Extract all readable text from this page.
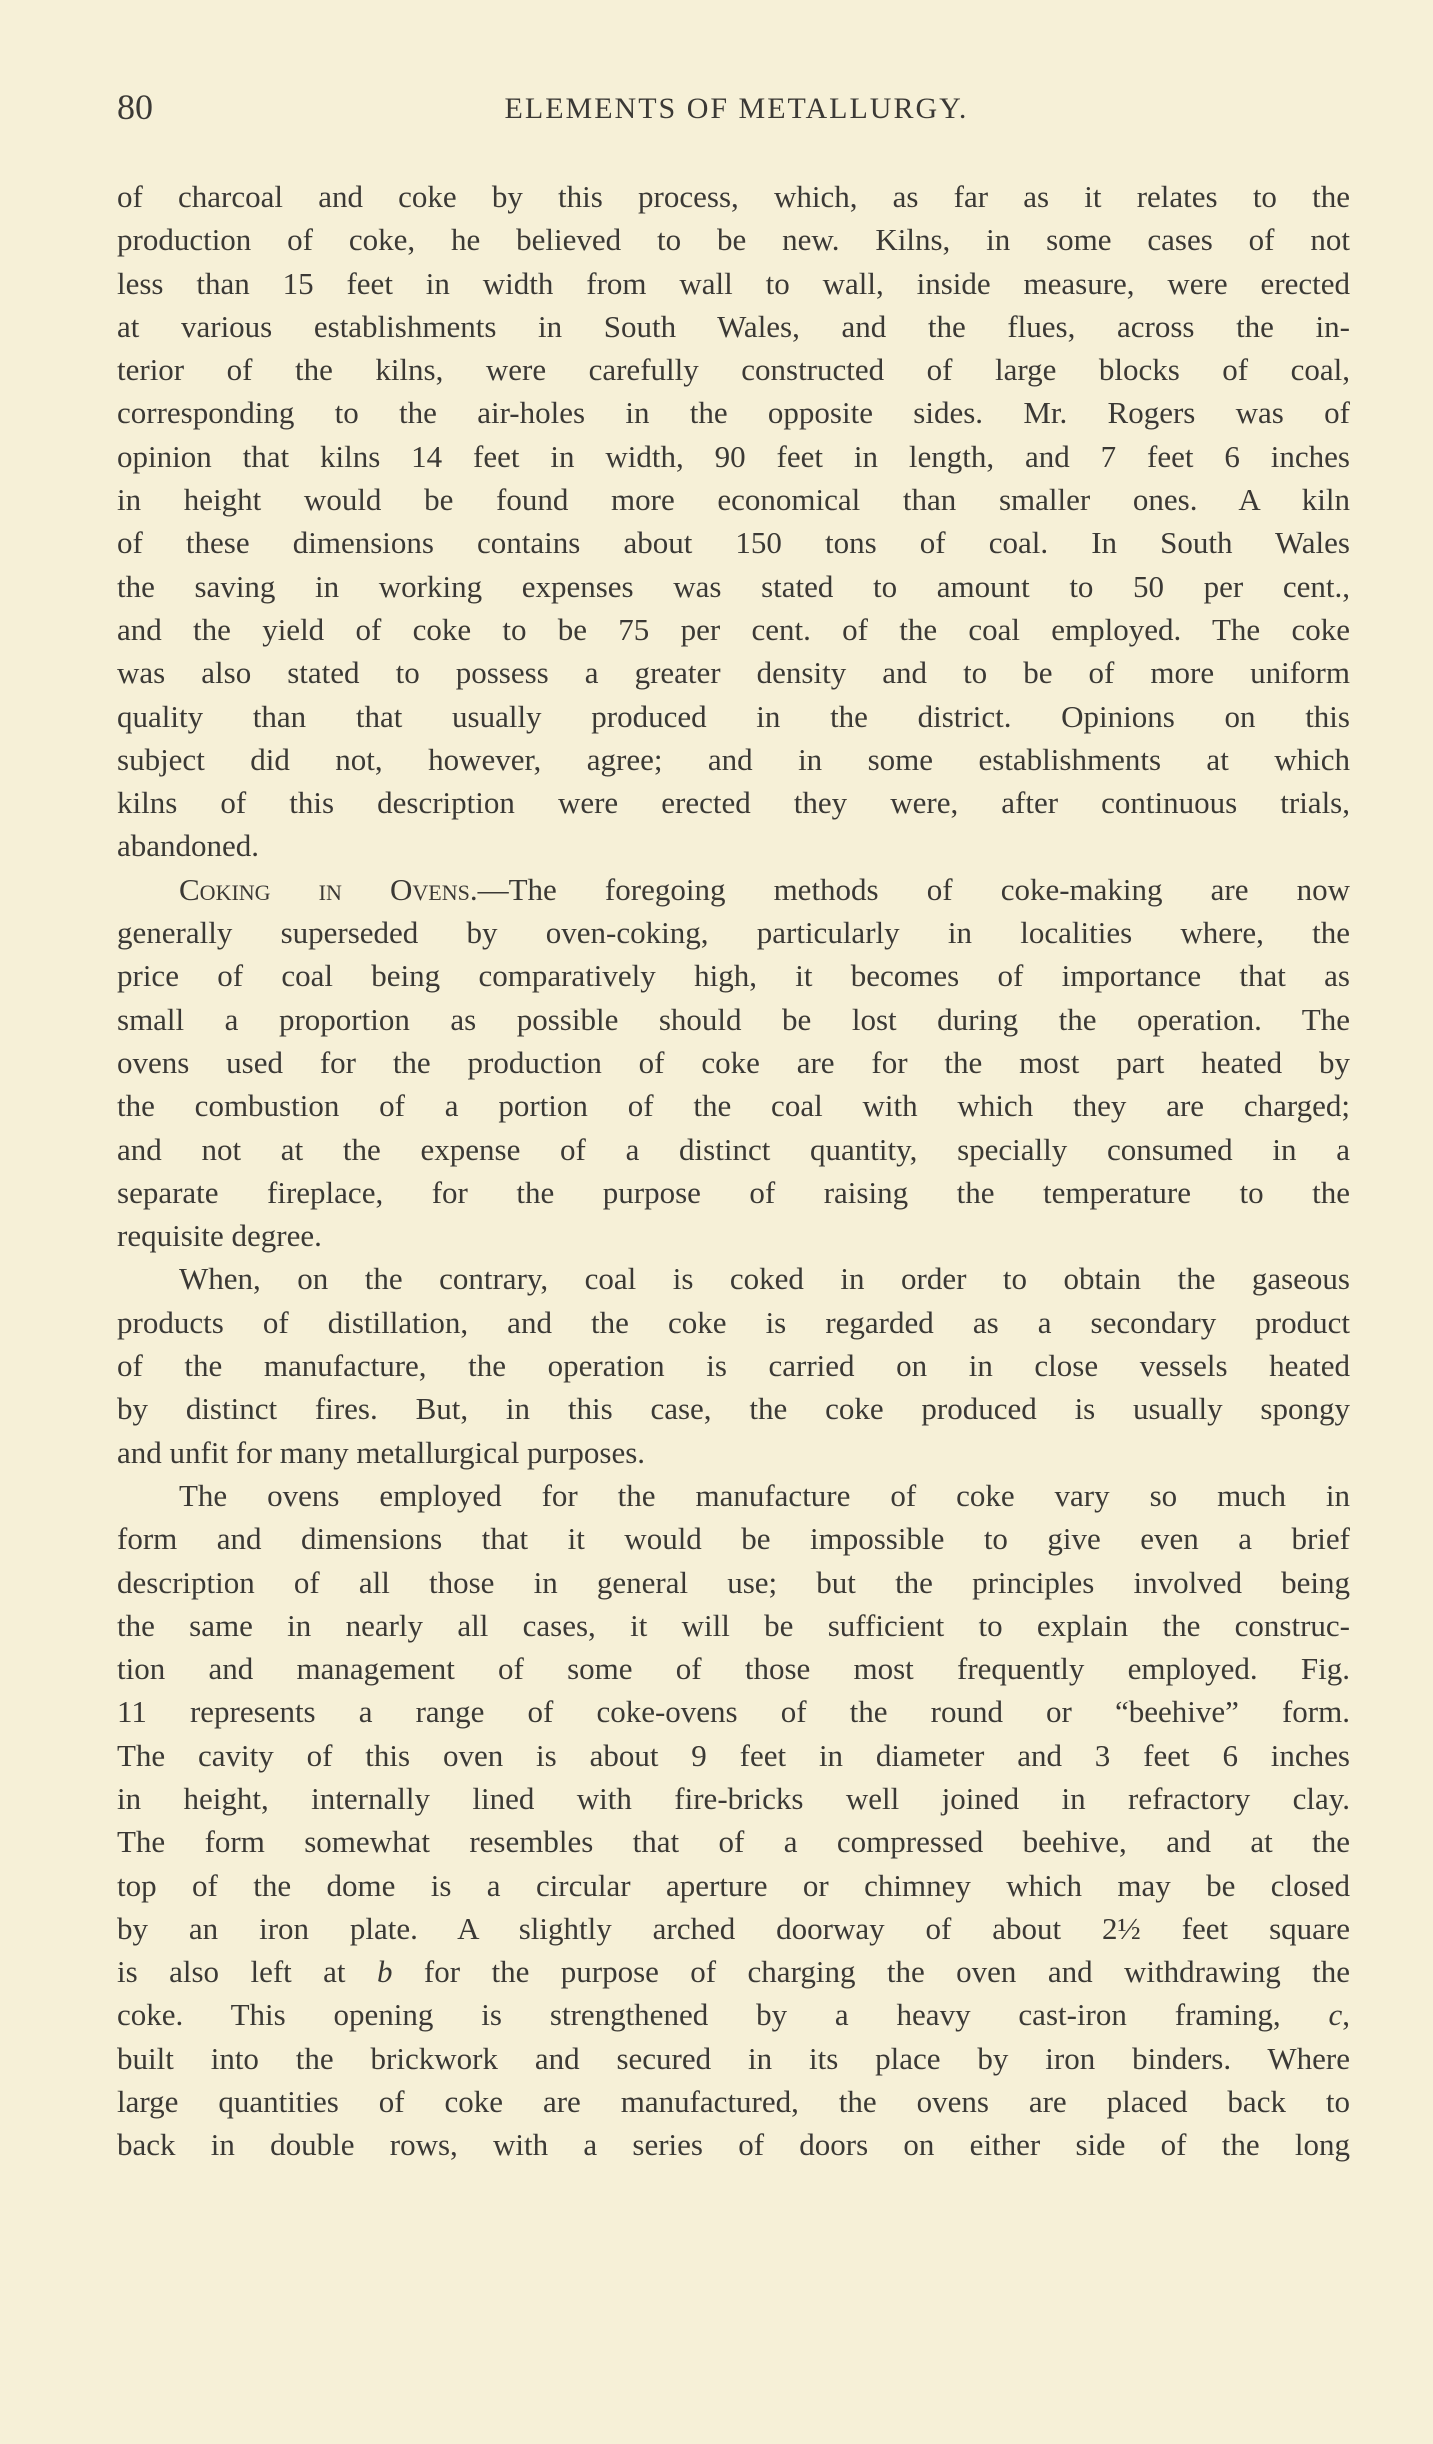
80	ELEMENTS OF METALLURGY.
of charcoal and coke by this process, which, as far as it relates to the
production of coke, he believed to be new. Kilns, in some cases of not
less than 15 feet in width from wall to wall, inside measure, were erected
at various establishments in South Wales, and the flues, across the in-
terior of the kilns, were carefully constructed of large blocks of coal,
corresponding to the air-holes in the opposite sides. Mr. Rogers was of
opinion that kilns 14 feet in width, 90 feet in length, and 7 feet 6 inches
in height would be found more economical than smaller ones. A kiln
of these dimensions contains about 150 tons of coal. In South Wales
the saving in working expenses was stated to amount to 50 per cent.,
and the yield of coke to be 75 per cent. of the coal employed. The coke
was also stated to possess a greater density and to be of more uniform
quality than that usually produced in the district. Opinions on this
subject did not, however, agree; and in some establishments at which
kilns of this description were erected they were, after continuous trials,
abandoned.
Coking in Ovens.—The foregoing methods of coke-making are now
generally superseded by oven-coking, particularly in localities where, the
price of coal being comparatively high, it becomes of importance that as
small a proportion as possible should be lost during the operation. The
ovens used for the production of coke are for the most part heated by
the combustion of a portion of the coal with which they are charged;
and not at the expense of a distinct quantity, specially consumed in a
separate fireplace, for the purpose of raising the temperature to the
requisite degree.
When, on the contrary, coal is coked in order to obtain the gaseous
products of distillation, and the coke is regarded as a secondary product
of the manufacture, the operation is carried on in close vessels heated
by distinct fires. But, in this case, the coke produced is usually spongy
and unfit for many metallurgical purposes.
The ovens employed for the manufacture of coke vary so much in
form and dimensions that it would be impossible to give even a brief
description of all those in general use; but the principles involved being
the same in nearly all cases, it will be sufficient to explain the construc-
tion and management of some of those most frequently employed. Fig.
11 represents a range of coke-ovens of the round or “beehive” form.
The cavity of this oven is about 9 feet in diameter and 3 feet 6 inches
in height, internally lined with fire-bricks well joined in refractory clay.
The form somewhat resembles that of a compressed beehive, and at the
top of the dome is a circular aperture or chimney which may be closed
by an iron plate. A slightly arched doorway of about 2½ feet square
is also left at b for the purpose of charging the oven and withdrawing the
coke. This opening is strengthened by a heavy cast-iron framing, c,
built into the brickwork and secured in its place by iron binders. Where
large quantities of coke are manufactured, the ovens are placed back to
back in double rows, with a series of doors on either side of the long
